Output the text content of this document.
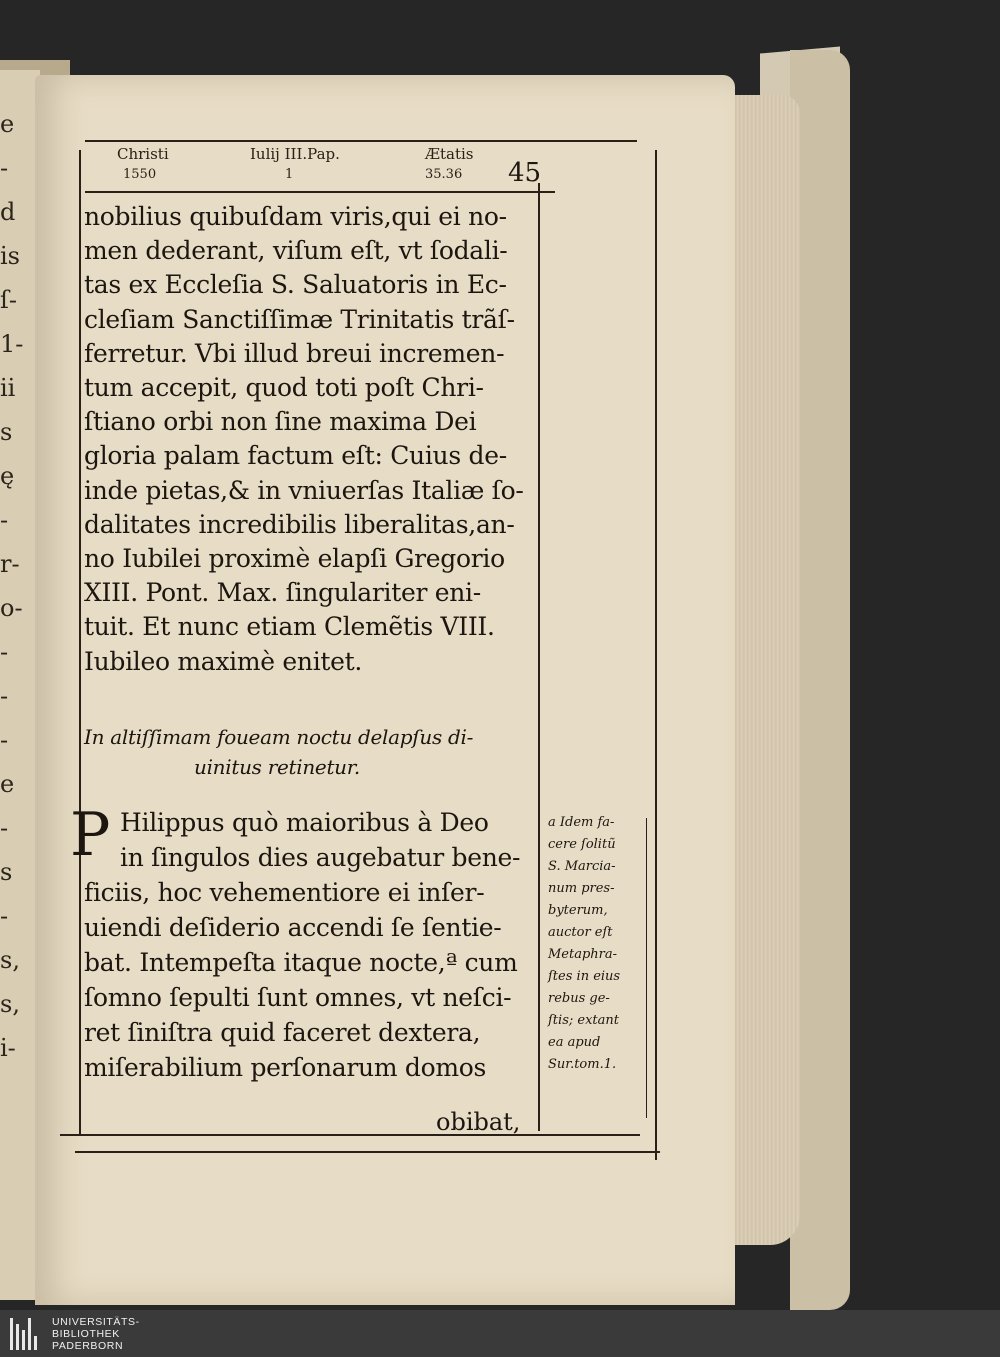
e
-
d
is
ſ-
1-
ii
s
ę
-
r-
o-
-
-
-
e
-
s
-
s,
s,
i-
Christi
1550
Iulij III.Pap.
1
Ætatis
35.36 45
nobilius quibuſdam viris,qui ei no-
men dederant, viſum eſt, vt ſodali-
tas ex Eccleſia S. Saluatoris in Ec-
cleſiam Sanctiſſimæ Trinitatis trãſ-
ferretur. Vbi illud breui incremen-
tum accepit, quod toti poſt Chri-
ſtiano orbi non ſine maxima Dei
gloria palam factum eſt: Cuius de-
inde pietas,& in vniuerſas Italiæ ſo-
dalitates incredibilis liberalitas,an-
no Iubilei proximè elapſi Gregorio
XIII. Pont. Max. ſingulariter eni-
tuit. Et nunc etiam Clemẽtis VIII.
Iubileo maximè enitet.
In altiſſimam foueam noctu delapſus di-
uinitus retinetur.
P Hilippus quò maioribus à Deo
in ſingulos dies augebatur bene-
ficiis, hoc vehementiore ei inſer-
uiendi deſiderio accendi ſe ſentie-
bat. Intempeſta itaque nocte,ª cum
ſomno ſepulti ſunt omnes, vt neſci-
ret ſiniſtra quid faceret dextera,
miſerabilium perſonarum domos
obibat,
a Idem fa-
cere ſolitũ
S. Marcia-
num pres-
byterum,
auctor eſt
Metaphra-
ſtes in eius
rebus ge-
ſtis; extant
ea apud
Sur.tom.1.
UNIVERSITÄTS-
BIBLIOTHEK
PADERBORN
